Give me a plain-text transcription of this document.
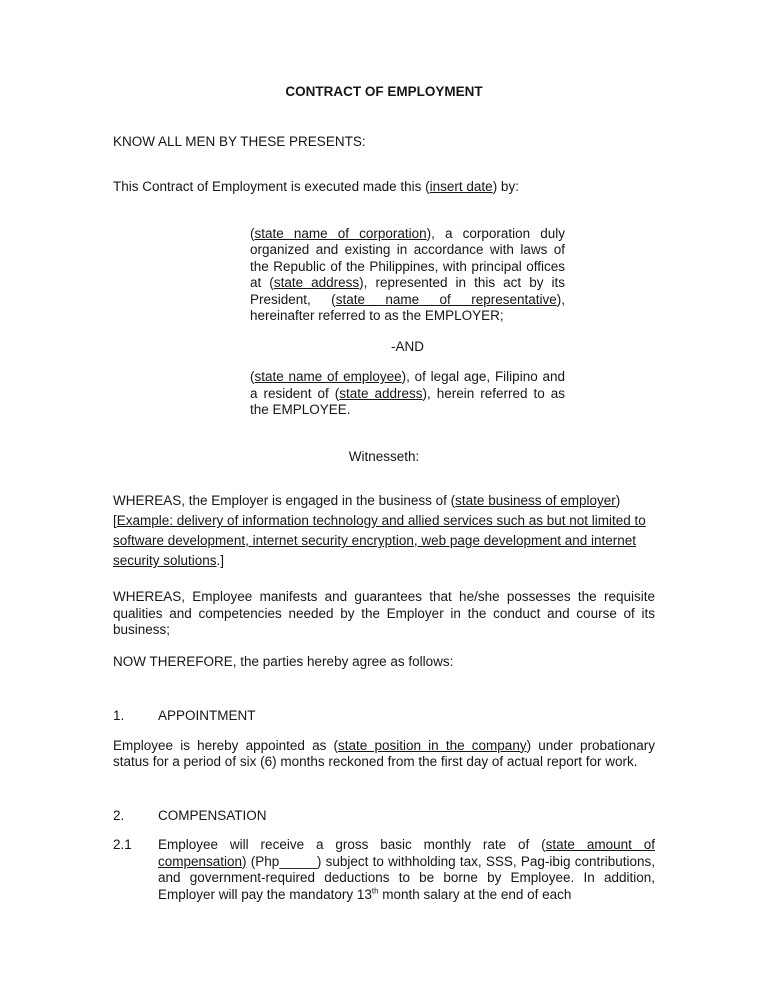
CONTRACT OF EMPLOYMENT

KNOW ALL MEN BY THESE PRESENTS:

This Contract of Employment is executed made this (insert date) by:

(state name of corporation), a corporation duly organized and existing in accordance with laws of the Republic of the Philippines, with principal offices at (state address), represented in this act by its President, (state name of representative), hereinafter referred to as the EMPLOYER;

-AND

(state name of employee), of legal age, Filipino and a resident of (state address), herein referred to as the EMPLOYEE.

Witnesseth:

WHEREAS, the Employer is engaged in the business of (state business of employer) [Example: delivery of information technology and allied services such as but not limited to software development, internet security encryption, web page development and internet security solutions.]

WHEREAS, Employee manifests and guarantees that he/she possesses the requisite qualities and competencies needed by the Employer in the conduct and course of its business;

NOW THEREFORE, the parties hereby agree as follows:

1.	APPOINTMENT

Employee is hereby appointed as (state position in the company) under probationary status for a period of six (6) months reckoned from the first day of actual report for work.

2.	COMPENSATION
2.1	Employee will receive a gross basic monthly rate of (state amount of compensation) (Php_____) subject to withholding tax, SSS, Pag-ibig contributions, and government-required deductions to be borne by Employee. In addition, Employer will pay the mandatory 13th month salary at the end of each
